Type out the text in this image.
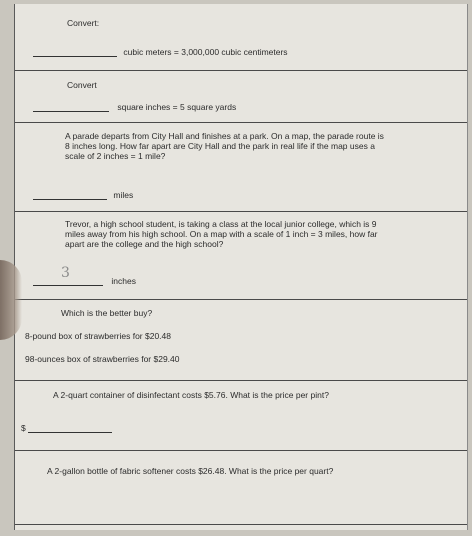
Convert:
cubic meters = 3,000,000 cubic centimeters
Convert
square inches = 5 square yards
A parade departs from City Hall and finishes at a park. On a map, the parade route is
8 inches long. How far apart are City Hall and the park in real life if the map uses a
scale of 2 inches = 1 mile?
miles
Trevor, a high school student, is taking a class at the local junior college, which is 9
miles away from his high school. On a map with a scale of 1 inch = 3 miles, how far
apart are the college and the high school?
3	inches
Which is the better buy?
8-pound box of strawberries for $20.48
98-ounces box of strawberries for $29.40
A 2-quart container of disinfectant costs $5.76. What is the price per pint?
$
A 2-gallon bottle of fabric softener costs $26.48. What is the price per quart?
